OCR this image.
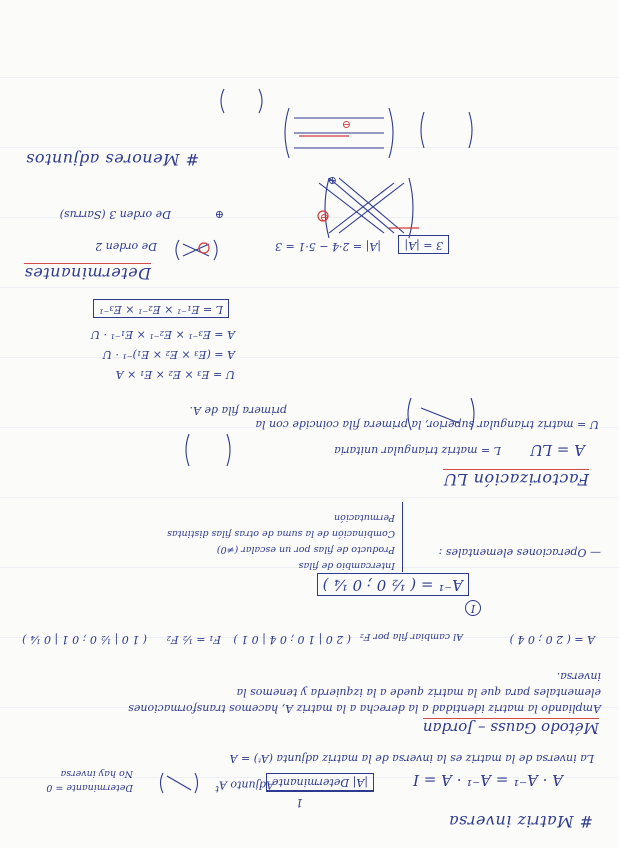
# Matriz inversa
A · A⁻¹ = A⁻¹ · A = I
1
|A| Determinante
Adjunto $A^t$
Determinante = 0
No hay inversa
La inversa de la matriz es la inversa de la matriz adjunta (Aᵗ) = A
Método Gauss – Jordan
Ampliando la matriz identidad a la derecha a la matriz A, hacemos transformaciones
elementales para que la matriz quede a la izquierda y tenemos la
inversa.
A = ( 2 0 ; 0 4 )
Al cambiar fila por F₂
( 2 0 | 1 0 ; 0 4 | 0 1 )
F₁ = ½ F₂
( 1 0 | ½ 0 ; 0 1 | 0 ¼ )
I
A⁻¹ = ( ½ 0 ; 0 ¼ )
— Operaciones elementales :
Intercambio de filas
Producto de filas por un escalar (≠0)
Combinación de la suma de otras filas distintas
Permutación
Factorización LU
A = LU
L = matriz triangular unitaria
U = matriz triangular superior, la primera fila coincide con la
primera fila de A.
U = E₃ × E₂ × E₁ × A
A = (E₃ × E₂ × E₁)⁻¹ · U
A = E₃⁻¹ × E₂⁻¹ × E₁⁻¹ · U
L = E₁⁻¹ × E₂⁻¹ × E₃⁻¹
Determinantes
De orden 2	|A| = 2·4 − 5·1 = 3	3 = |A|
De orden 3 (Sarrus)
# Menores adjuntos
⊕	⊖
⊕
⊖
